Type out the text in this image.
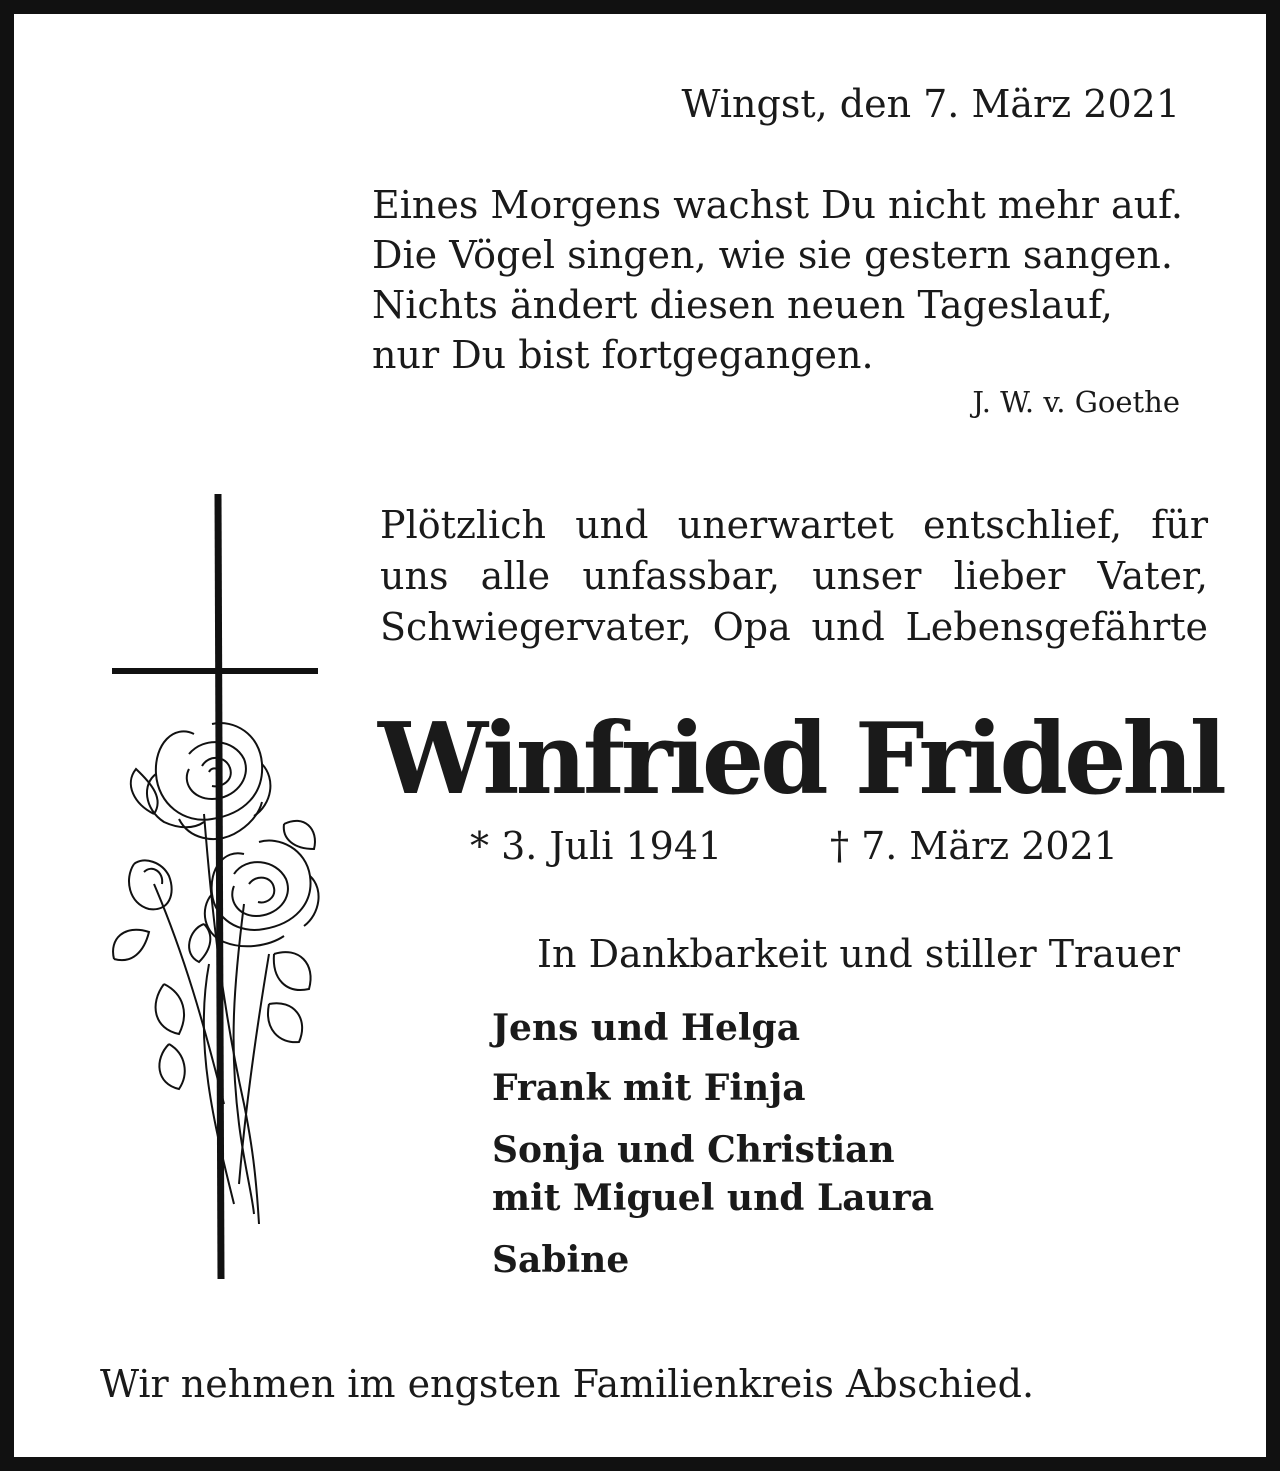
Wingst, den 7. März 2021
Eines Morgens wachst Du nicht mehr auf.
Die Vögel singen, wie sie gestern sangen.
Nichts ändert diesen neuen Tageslauf,
nur Du bist fortgegangen.
J. W. v. Goethe
Plötzlich und unerwartet entschlief, für
uns alle unfassbar, unser lieber Vater,
Schwiegervater, Opa und Lebensgefährte
Winfried Fridehl
* 3. Juli 1941	† 7. März 2021
In Dankbarkeit und stiller Trauer
Jens und Helga
Frank mit Finja
Sonja und Christian
mit Miguel und Laura
Sabine
Wir nehmen im engsten Familienkreis Abschied.
